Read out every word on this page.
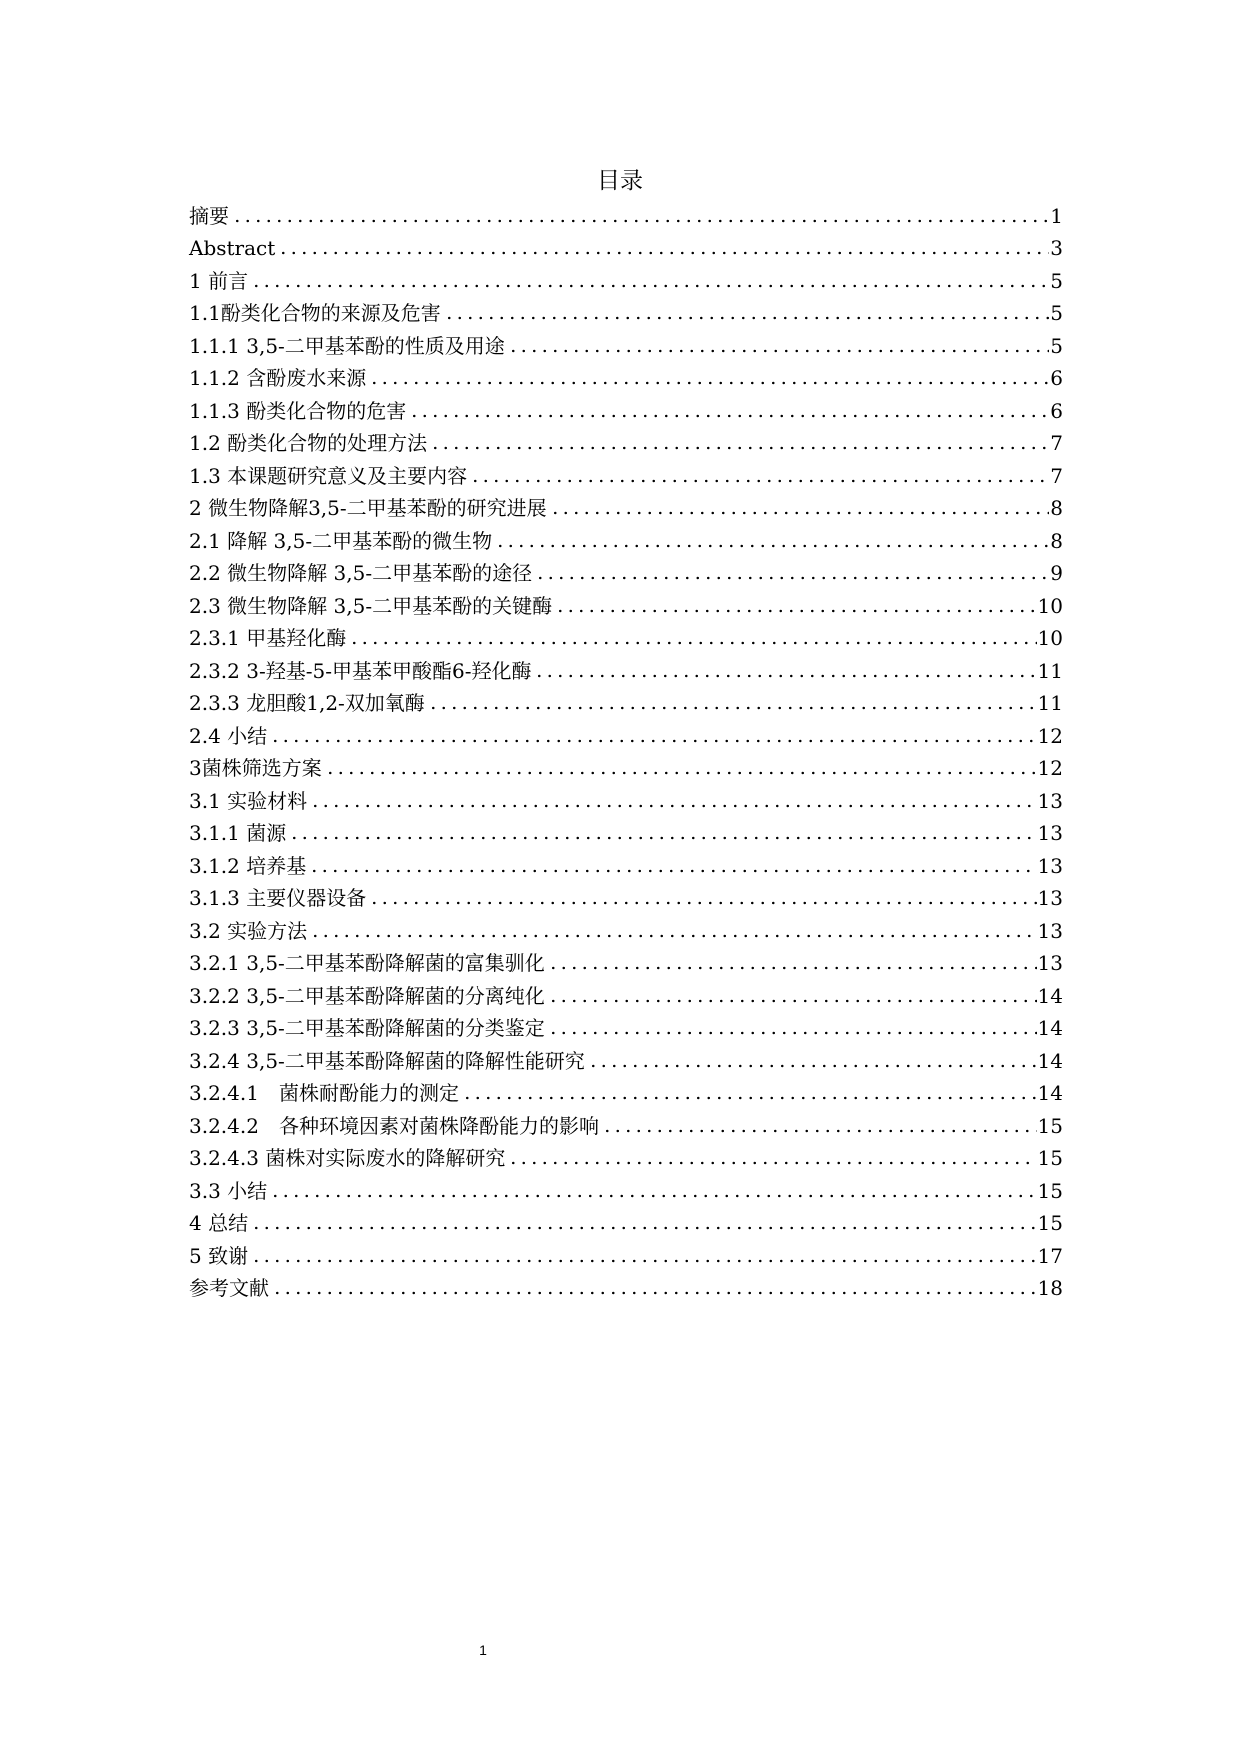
目录
摘要	1
Abstract	3
1 前言	5
1.1酚类化合物的来源及危害	5
1.1.1 3,5-二甲基苯酚的性质及用途	5
1.1.2 含酚废水来源	6
1.1.3 酚类化合物的危害	6
1.2 酚类化合物的处理方法	7
1.3 本课题研究意义及主要内容	7
2 微生物降解3,5-二甲基苯酚的研究进展	8
2.1 降解 3,5-二甲基苯酚的微生物	8
2.2 微生物降解 3,5-二甲基苯酚的途径	9
2.3 微生物降解 3,5-二甲基苯酚的关键酶	10
2.3.1 甲基羟化酶	10
2.3.2 3-羟基-5-甲基苯甲酸酯6-羟化酶	11
2.3.3 龙胆酸1,2-双加氧酶	11
2.4 小结	12
3菌株筛选方案	12
3.1 实验材料	13
3.1.1 菌源	13
3.1.2 培养基	13
3.1.3 主要仪器设备	13
3.2 实验方法	13
3.2.1 3,5-二甲基苯酚降解菌的富集驯化	13
3.2.2 3,5-二甲基苯酚降解菌的分离纯化	14
3.2.3 3,5-二甲基苯酚降解菌的分类鉴定	14
3.2.4 3,5-二甲基苯酚降解菌的降解性能研究	14
3.2.4.1　菌株耐酚能力的测定	14
3.2.4.2　各种环境因素对菌株降酚能力的影响	15
3.2.4.3 菌株对实际废水的降解研究	15
3.3 小结	15
4 总结	15
5 致谢	17
参考文献	18
1
